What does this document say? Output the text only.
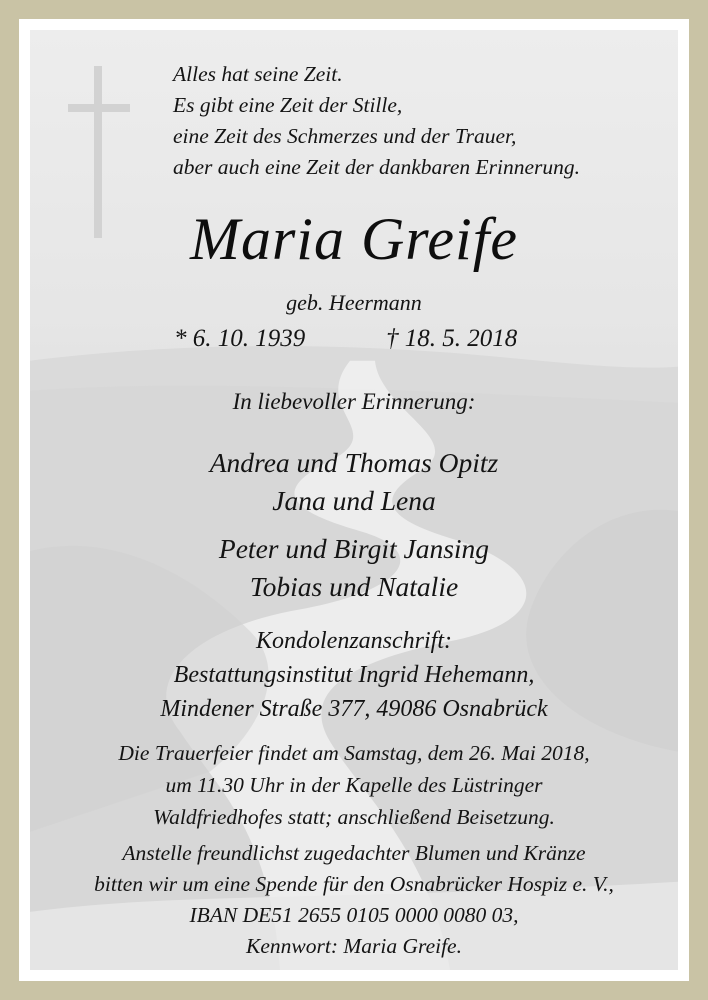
Alles hat seine Zeit.
Es gibt eine Zeit der Stille,
eine Zeit des Schmerzes und der Trauer,
aber auch eine Zeit der dankbaren Erinnerung.
Maria Greife
geb. Heermann
* 6. 10. 1939	† 18. 5. 2018
In liebevoller Erinnerung:
Andrea und Thomas Opitz
Jana und Lena
Peter und Birgit Jansing
Tobias und Natalie
Kondolenzanschrift:
Bestattungsinstitut Ingrid Hehemann,
Mindener Straße 377, 49086 Osnabrück
Die Trauerfeier findet am Samstag, dem 26. Mai 2018,
um 11.30 Uhr in der Kapelle des Lüstringer
Waldfriedhofes statt; anschließend Beisetzung.
Anstelle freundlichst zugedachter Blumen und Kränze
bitten wir um eine Spende für den Osnabrücker Hospiz e. V.,
IBAN DE51 2655 0105 0000 0080 03,
Kennwort: Maria Greife.
